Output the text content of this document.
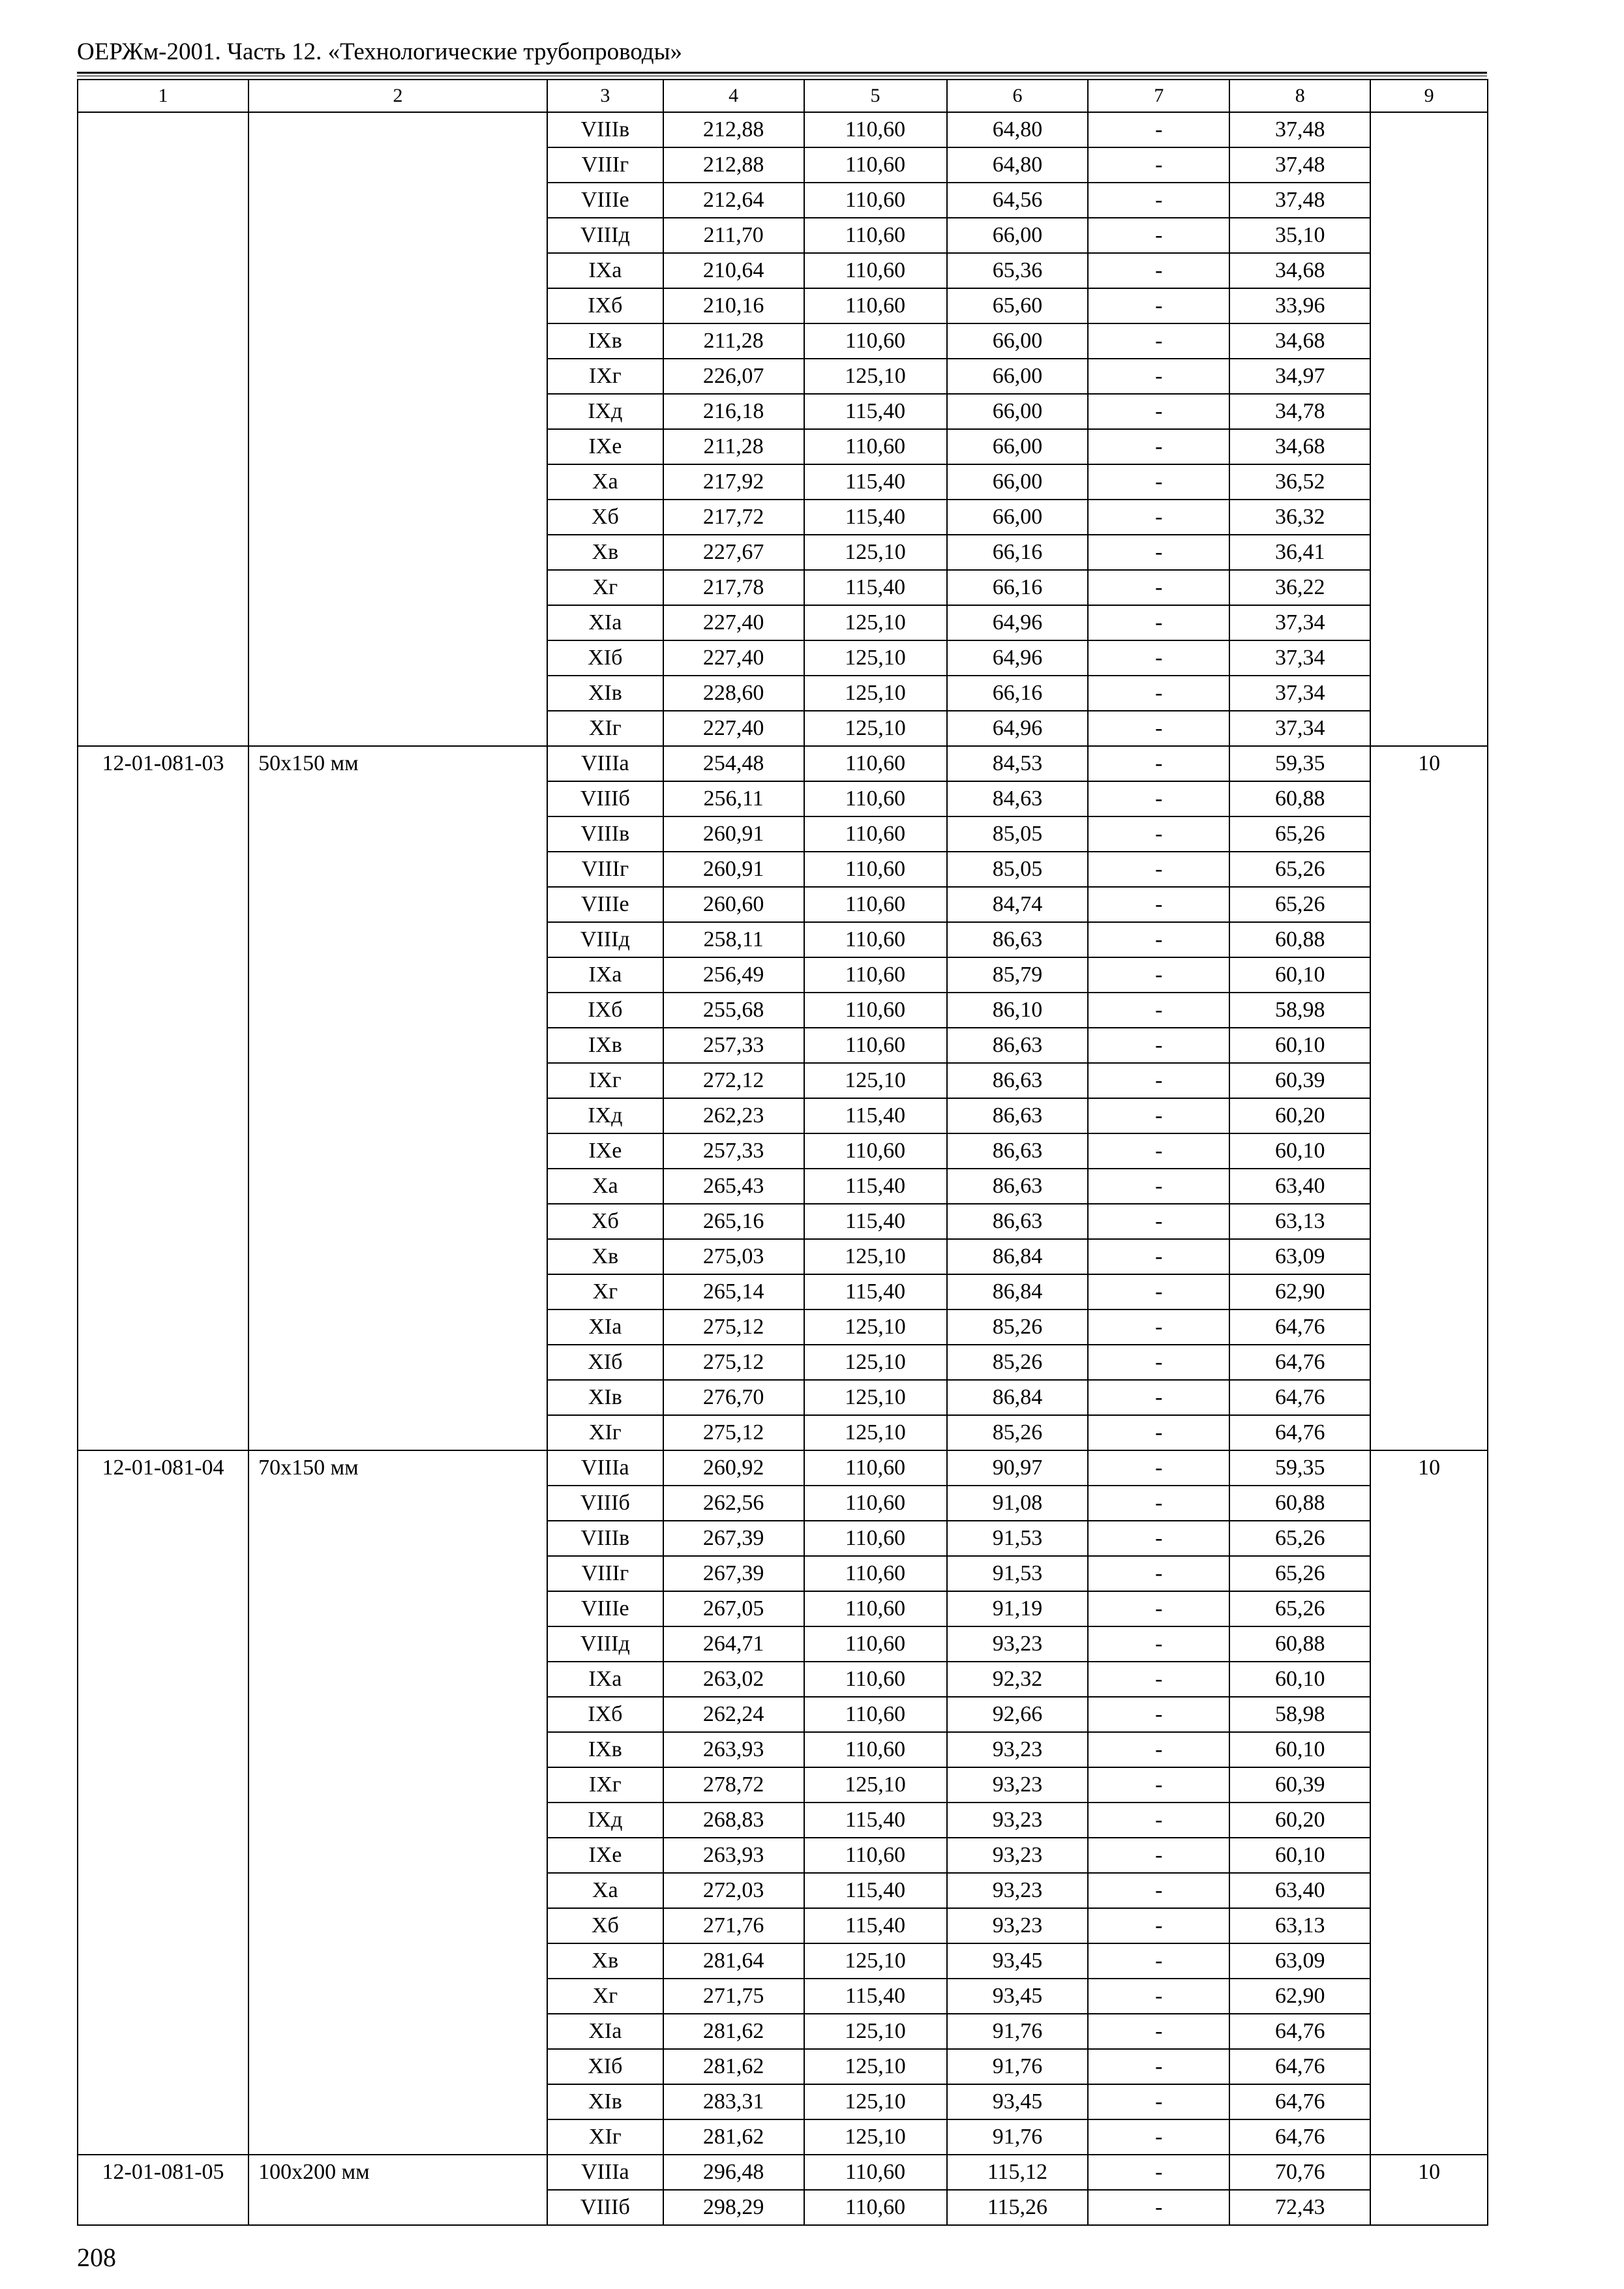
ОЕРЖм-2001. Часть 12. «Технологические трубопроводы»
1	2	3	4	5	6	7	8	9
		VIIIв	212,88	110,60	64,80	-	37,48	
		VIIIг	212,88	110,60	64,80	-	37,48	
		VIIIе	212,64	110,60	64,56	-	37,48	
		VIIIд	211,70	110,60	66,00	-	35,10	
		IXа	210,64	110,60	65,36	-	34,68	
		IXб	210,16	110,60	65,60	-	33,96	
		IXв	211,28	110,60	66,00	-	34,68	
		IXг	226,07	125,10	66,00	-	34,97	
		IXд	216,18	115,40	66,00	-	34,78	
		IXе	211,28	110,60	66,00	-	34,68	
		Xа	217,92	115,40	66,00	-	36,52	
		Xб	217,72	115,40	66,00	-	36,32	
		Xв	227,67	125,10	66,16	-	36,41	
		Xг	217,78	115,40	66,16	-	36,22	
		XIа	227,40	125,10	64,96	-	37,34	
		XIб	227,40	125,10	64,96	-	37,34	
		XIв	228,60	125,10	66,16	-	37,34	
		XIг	227,40	125,10	64,96	-	37,34	
12-01-081-03	50х150 мм	VIIIа	254,48	110,60	84,53	-	59,35	10
		VIIIб	256,11	110,60	84,63	-	60,88	
		VIIIв	260,91	110,60	85,05	-	65,26	
		VIIIг	260,91	110,60	85,05	-	65,26	
		VIIIе	260,60	110,60	84,74	-	65,26	
		VIIIд	258,11	110,60	86,63	-	60,88	
		IXа	256,49	110,60	85,79	-	60,10	
		IXб	255,68	110,60	86,10	-	58,98	
		IXв	257,33	110,60	86,63	-	60,10	
		IXг	272,12	125,10	86,63	-	60,39	
		IXд	262,23	115,40	86,63	-	60,20	
		IXе	257,33	110,60	86,63	-	60,10	
		Xа	265,43	115,40	86,63	-	63,40	
		Xб	265,16	115,40	86,63	-	63,13	
		Xв	275,03	125,10	86,84	-	63,09	
		Xг	265,14	115,40	86,84	-	62,90	
		XIа	275,12	125,10	85,26	-	64,76	
		XIб	275,12	125,10	85,26	-	64,76	
		XIв	276,70	125,10	86,84	-	64,76	
		XIг	275,12	125,10	85,26	-	64,76	
12-01-081-04	70х150 мм	VIIIа	260,92	110,60	90,97	-	59,35	10
		VIIIб	262,56	110,60	91,08	-	60,88	
		VIIIв	267,39	110,60	91,53	-	65,26	
		VIIIг	267,39	110,60	91,53	-	65,26	
		VIIIе	267,05	110,60	91,19	-	65,26	
		VIIIд	264,71	110,60	93,23	-	60,88	
		IXа	263,02	110,60	92,32	-	60,10	
		IXб	262,24	110,60	92,66	-	58,98	
		IXв	263,93	110,60	93,23	-	60,10	
		IXг	278,72	125,10	93,23	-	60,39	
		IXд	268,83	115,40	93,23	-	60,20	
		IXе	263,93	110,60	93,23	-	60,10	
		Xа	272,03	115,40	93,23	-	63,40	
		Xб	271,76	115,40	93,23	-	63,13	
		Xв	281,64	125,10	93,45	-	63,09	
		Xг	271,75	115,40	93,45	-	62,90	
		XIа	281,62	125,10	91,76	-	64,76	
		XIб	281,62	125,10	91,76	-	64,76	
		XIв	283,31	125,10	93,45	-	64,76	
		XIг	281,62	125,10	91,76	-	64,76	
12-01-081-05	100х200 мм	VIIIа	296,48	110,60	115,12	-	70,76	10
		VIIIб	298,29	110,60	115,26	-	72,43	
208
